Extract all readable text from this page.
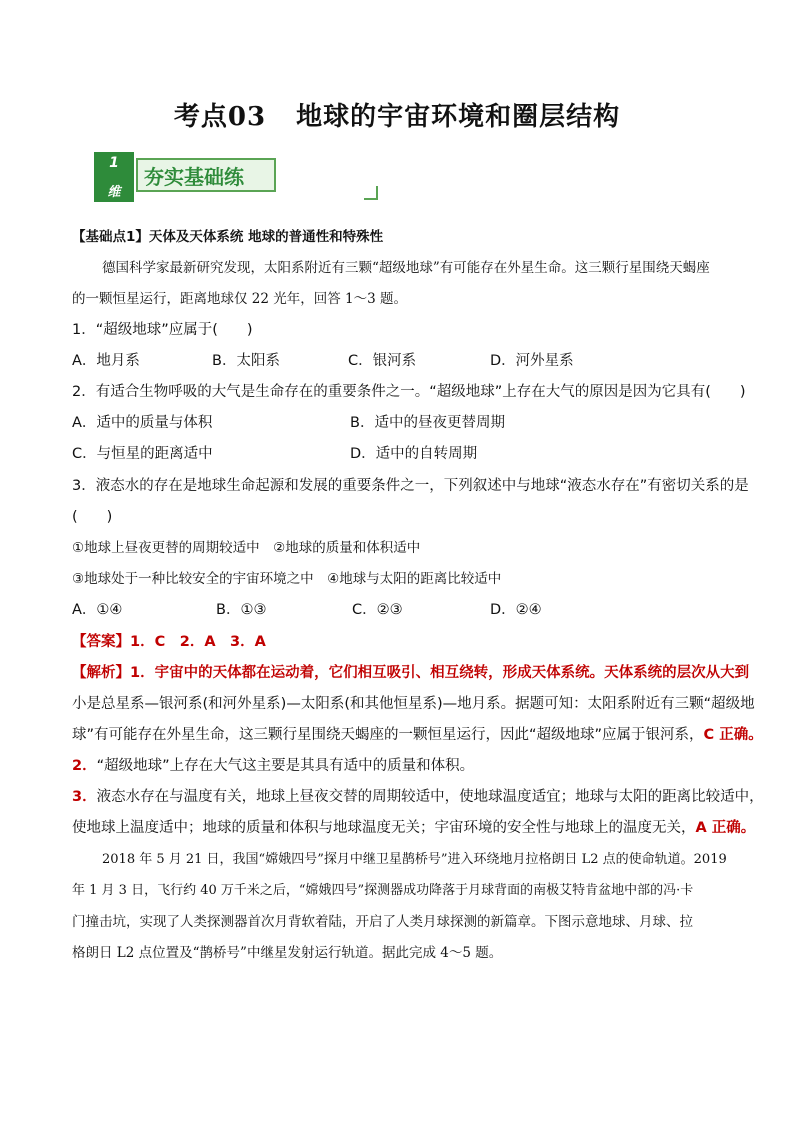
考点03 地球的宇宙环境和圈层结构
1
维
夯实基础练
【基础点1】天体及天体系统 地球的普通性和特殊性
德国科学家最新研究发现，太阳系附近有三颗“超级地球”有可能存在外星生命。这三颗行星围绕天蝎座
的一颗恒星运行，距离地球仅 22 光年，回答 1～3 题。
1．“超级地球”应属于(　　)
A．地月系	B．太阳系	C．银河系	D．河外星系
2．有适合生物呼吸的大气是生命存在的重要条件之一。“超级地球”上存在大气的原因是因为它具有(　　)
A．适中的质量与体积	B．适中的昼夜更替周期
C．与恒星的距离适中	D．适中的自转周期
3．液态水的存在是地球生命起源和发展的重要条件之一，下列叙述中与地球“液态水存在”有密切关系的是
(　　)
①地球上昼夜更替的周期较适中　②地球的质量和体积适中
③地球处于一种比较安全的宇宙环境之中　④地球与太阳的距离比较适中
A．①④	B．①③	C．②③	D．②④
【答案】1．C　2．A　3．A
【解析】1．宇宙中的天体都在运动着，它们相互吸引、相互绕转，形成天体系统。天体系统的层次从大到
小是总星系—银河系(和河外星系)—太阳系(和其他恒星系)—地月系。据题可知：太阳系附近有三颗“超级地
球”有可能存在外星生命，这三颗行星围绕天蝎座的一颗恒星运行，因此“超级地球”应属于银河系，C 正确。
2．“超级地球”上存在大气这主要是其具有适中的质量和体积。
3．液态水存在与温度有关，地球上昼夜交替的周期较适中，使地球温度适宜；地球与太阳的距离比较适中，
使地球上温度适中；地球的质量和体积与地球温度无关；宇宙环境的安全性与地球上的温度无关，A 正确。
2018 年 5 月 21 日，我国“嫦娥四号”探月中继卫星鹊桥号”进入环绕地月拉格朗日 L2 点的使命轨道。2019
年 1 月 3 日，飞行约 40 万千米之后，“嫦娥四号”探测器成功降落于月球背面的南极艾特肯盆地中部的冯·卡
门撞击坑，实现了人类探测器首次月背软着陆，开启了人类月球探测的新篇章。下图示意地球、月球、拉
格朗日 L2 点位置及“鹊桥号”中继星发射运行轨道。据此完成 4～5 题。
